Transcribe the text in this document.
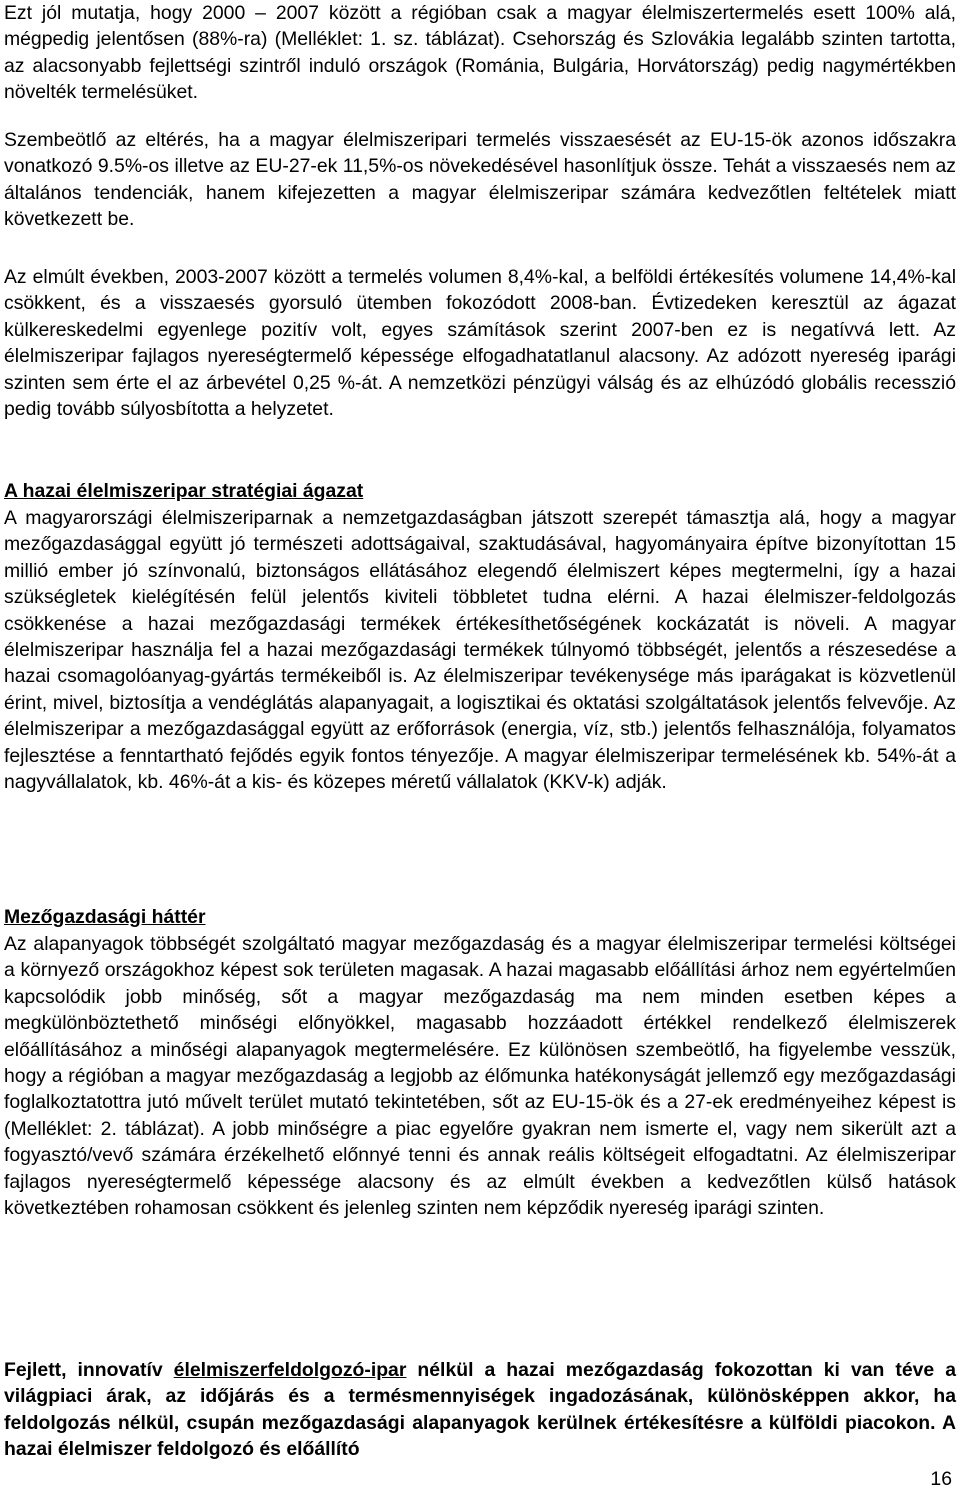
Ezt jól mutatja, hogy 2000 – 2007 között a régióban csak a magyar élelmiszertermelés esett 100% alá, mégpedig jelentősen (88%-ra) (Melléklet: 1. sz. táblázat). Csehország és Szlovákia legalább szinten tartotta, az alacsonyabb fejlettségi szintről induló országok (Románia, Bulgária, Horvátország) pedig nagymértékben növelték termelésüket.

Szembeötlő az eltérés, ha a magyar élelmiszeripari termelés visszaesését az EU-15-ök azonos időszakra vonatkozó 9.5%-os illetve az EU-27-ek 11,5%-os növekedésével hasonlítjuk össze. Tehát a visszaesés nem az általános tendenciák, hanem kifejezetten a magyar élelmiszeripar számára kedvezőtlen feltételek miatt következett be.

Az elmúlt években, 2003-2007 között a termelés volumen 8,4%-kal, a belföldi értékesítés volumene 14,4%-kal csökkent, és a visszaesés gyorsuló ütemben fokozódott 2008-ban. Évtizedeken keresztül az ágazat külkereskedelmi egyenlege pozitív volt, egyes számítások szerint 2007-ben ez is negatívvá lett. Az élelmiszeripar fajlagos nyereségtermelő képessége elfogadhatatlanul alacsony. Az adózott nyereség iparági szinten sem érte el az árbevétel 0,25 %-át. A nemzetközi pénzügyi válság és az elhúzódó globális recesszió pedig tovább súlyosbította a helyzetet.

A hazai élelmiszeripar stratégiai ágazat

A magyarországi élelmiszeriparnak a nemzetgazdaságban játszott szerepét támasztja alá, hogy a magyar mezőgazdasággal együtt jó természeti adottságaival, szaktudásával, hagyományaira építve bizonyítottan 15 millió ember jó színvonalú, biztonságos ellátásához elegendő élelmiszert képes megtermelni, így a hazai szükségletek kielégítésén felül jelentős kiviteli többletet tudna elérni. A hazai élelmiszer-feldolgozás csökkenése a hazai mezőgazdasági termékek értékesíthetőségének kockázatát is növeli. A magyar élelmiszeripar használja fel a hazai mezőgazdasági termékek túlnyomó többségét, jelentős a részesedése a hazai csomagolóanyag-gyártás termékeiből is. Az élelmiszeripar tevékenysége más iparágakat is közvetlenül érint, mivel, biztosítja a vendéglátás alapanyagait, a logisztikai és oktatási szolgáltatások jelentős felvevője. Az élelmiszeripar a mezőgazdasággal együtt az erőforrások (energia, víz, stb.) jelentős felhasználója, folyamatos fejlesztése a fenntartható fejődés egyik fontos tényezője. A magyar élelmiszeripar termelésének kb. 54%-át a nagyvállalatok, kb. 46%-át a kis- és közepes méretű vállalatok (KKV-k) adják.

Mezőgazdasági háttér

Az alapanyagok többségét szolgáltató magyar mezőgazdaság és a magyar élelmiszeripar termelési költségei a környező országokhoz képest sok területen magasak. A hazai magasabb előállítási árhoz nem egyértelműen kapcsolódik jobb minőség, sőt a magyar mezőgazdaság ma nem minden esetben képes a megkülönböztethető minőségi előnyökkel, magasabb hozzáadott értékkel rendelkező élelmiszerek előállításához a minőségi alapanyagok megtermelésére. Ez különösen szembeötlő, ha figyelembe vesszük, hogy a régióban a magyar mezőgazdaság a legjobb az élőmunka hatékonyságát jellemző egy mezőgazdasági foglalkoztatottra jutó művelt terület mutató tekintetében, sőt az EU-15-ök és a 27-ek eredményeihez képest is (Melléklet: 2. táblázat). A jobb minőségre a piac egyelőre gyakran nem ismerte el, vagy nem sikerült azt a fogyasztó/vevő számára érzékelhető előnnyé tenni és annak reális költségeit elfogadtatni. Az élelmiszeripar fajlagos nyereségtermelő képessége alacsony és az elmúlt években a kedvezőtlen külső hatások következtében rohamosan csökkent és jelenleg szinten nem képződik nyereség iparági szinten.

Fejlett, innovatív élelmiszerfeldolgozó-ipar nélkül a hazai mezőgazdaság fokozottan ki van téve a világpiaci árak, az időjárás és a termésmennyiségek ingadozásának, különösképpen akkor, ha feldolgozás nélkül, csupán mezőgazdasági alapanyagok kerülnek értékesítésre a külföldi piacokon. A hazai élelmiszer feldolgozó és előállító

16
